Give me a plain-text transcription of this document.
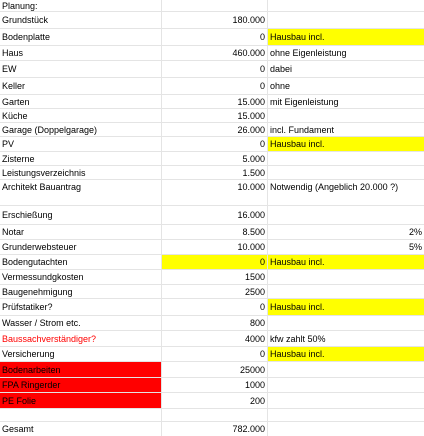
Planung:
Grundstück	180.000
Bodenplatte	0 Hausbau incl.
Haus	460.000 ohne Eigenleistung
EW	0 dabei
Keller	0 ohne
Garten	15.000 mit Eigenleistung
Küche	15.000
Garage (Doppelgarage)	26.000 incl. Fundament
PV	0 Hausbau incl.
Zisterne	5.000
Leistungsverzeichnis	1.500
Architekt Bauantrag	10.000 Notwendig (Angeblich 20.000 ?)
Erschießung	16.000
Notar	8.500	2%
Grunderwebsteuer	10.000	5%
Bodengutachten	0 Hausbau incl.
Vermessundgkosten	1500
Baugenehmigung	2500
Prüfstatiker?	0 Hausbau incl.
Wasser / Strom etc.	800
Baussachverständiger?	4000 kfw zahlt 50%
Versicherung	0 Hausbau incl.
Bodenarbeiten	25000
FPA Ringerder	1000
PE Folie	200
Gesamt	782.000
